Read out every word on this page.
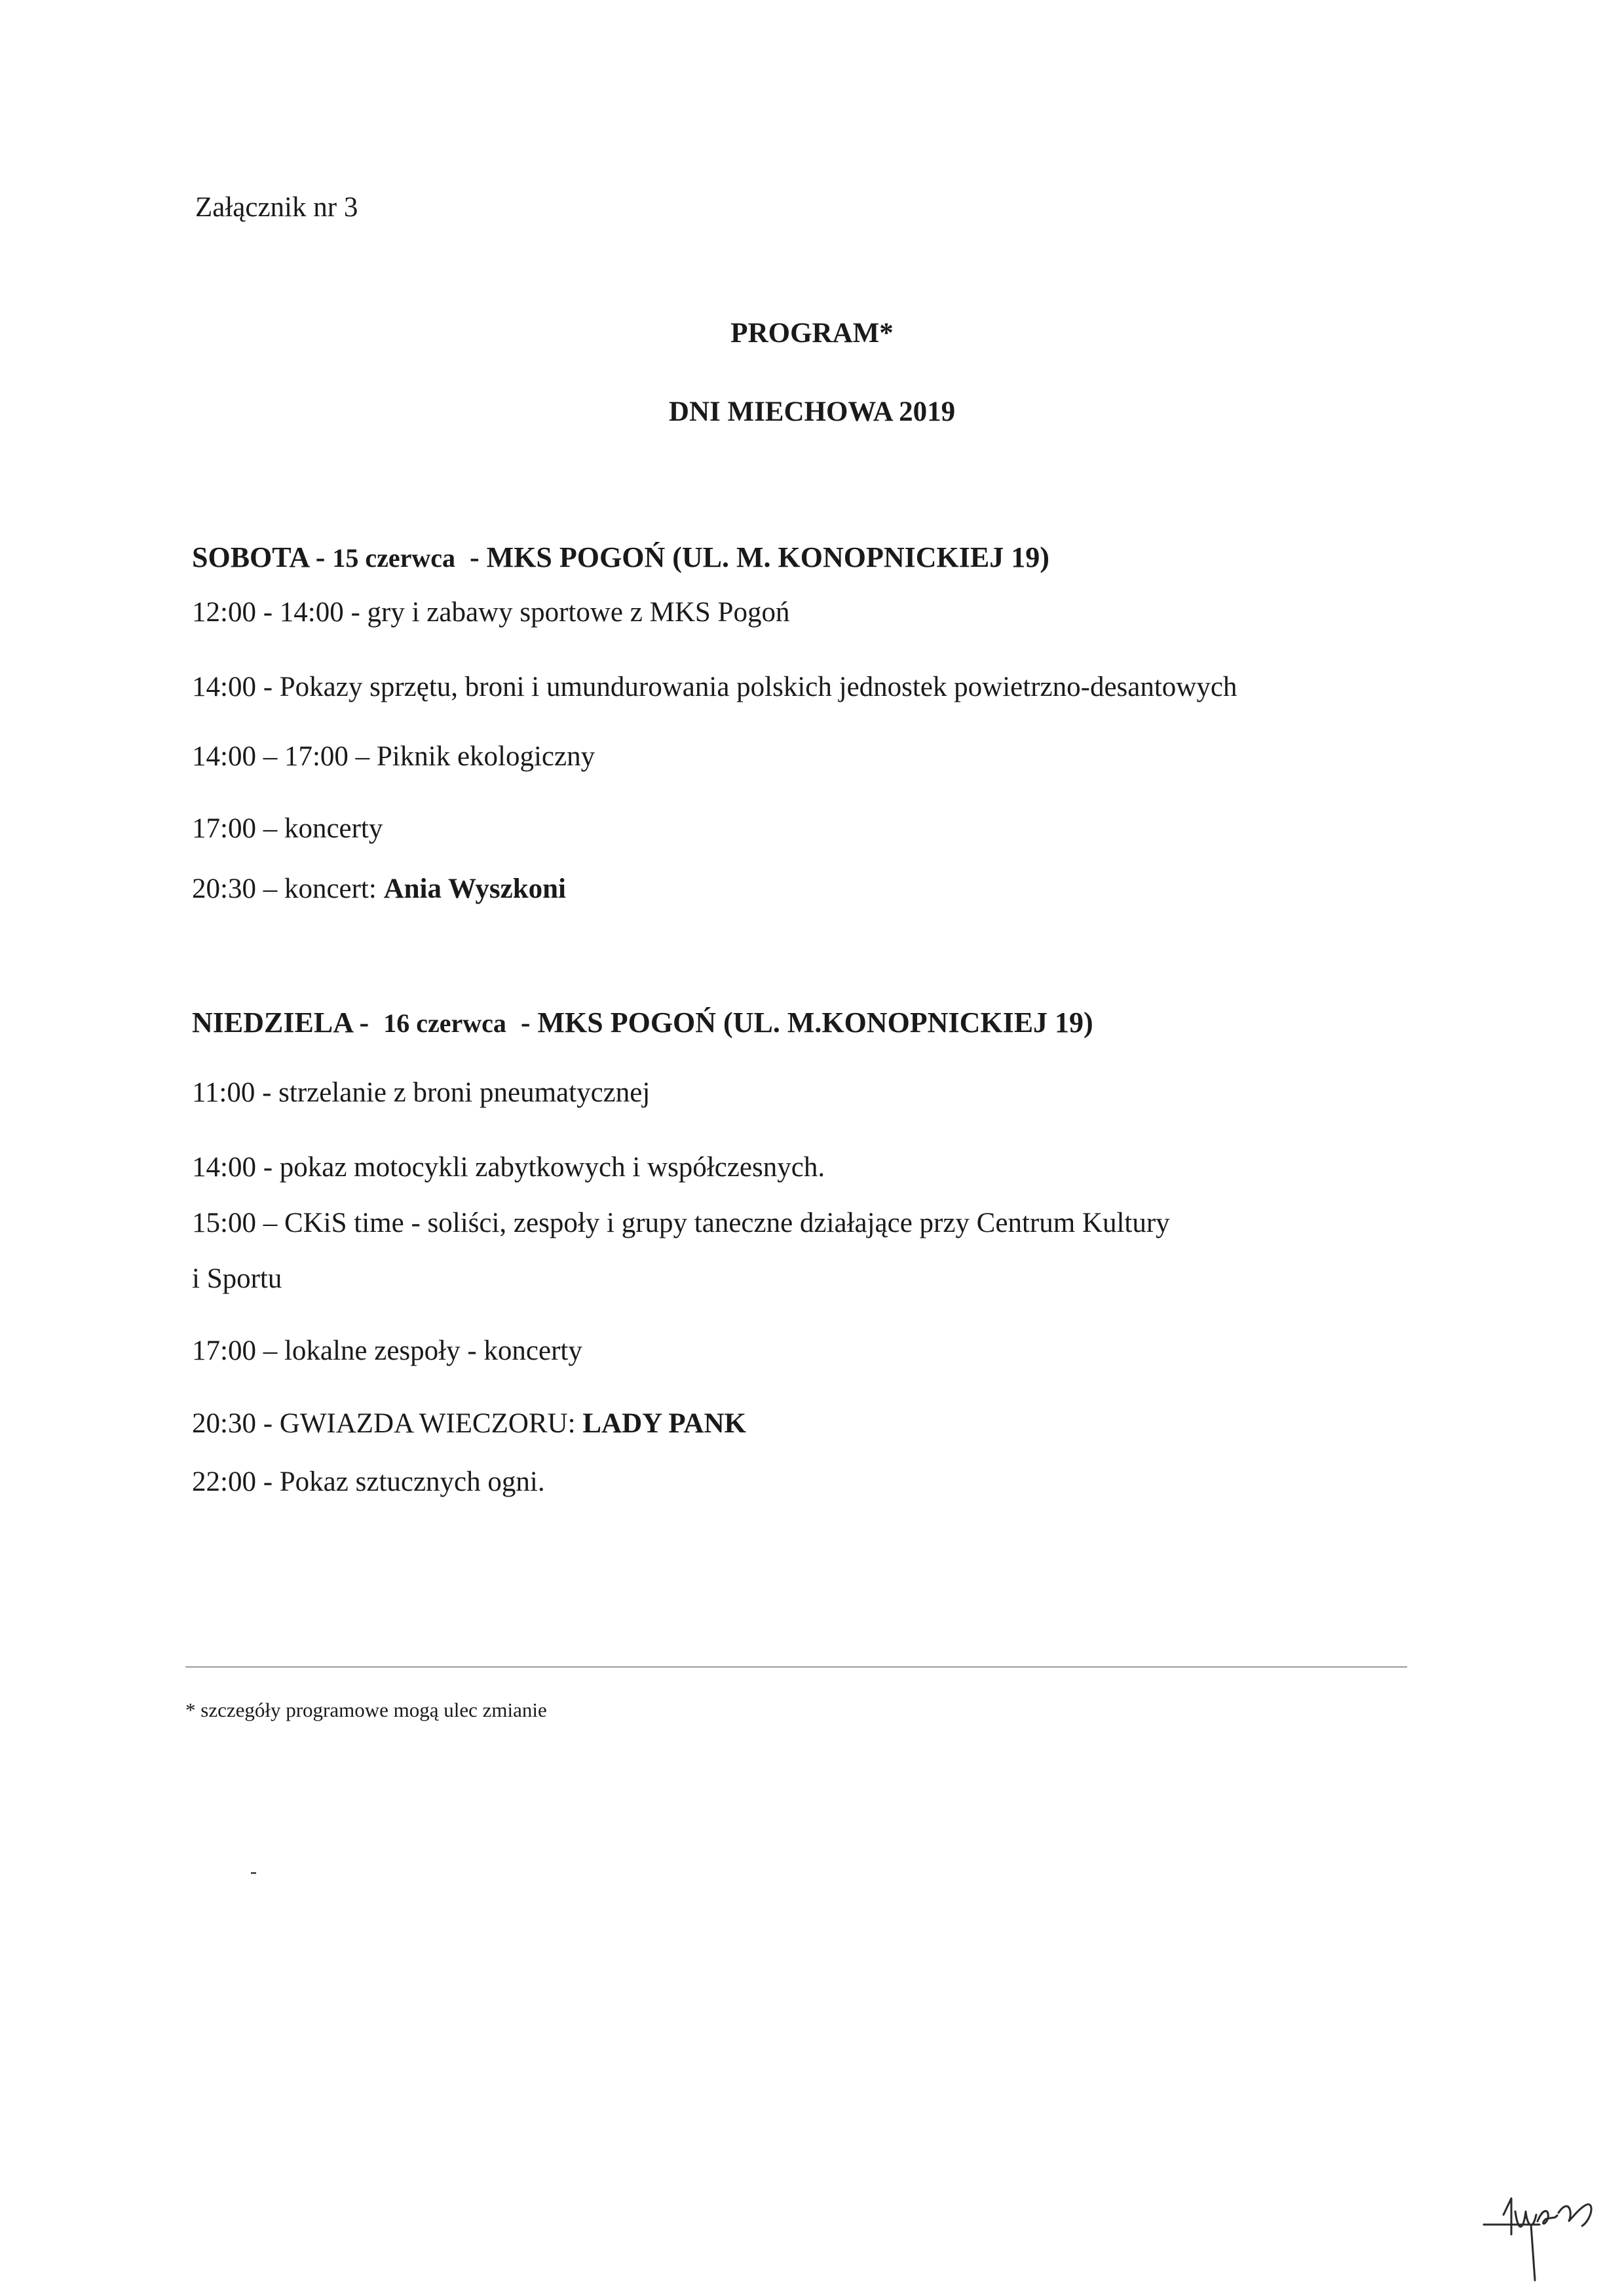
Załącznik nr 3
PROGRAM*
DNI MIECHOWA 2019
SOBOTA - 15 czerwca  - MKS POGOŃ (UL. M. KONOPNICKIEJ 19)
12:00 - 14:00 - gry i zabawy sportowe z MKS Pogoń
14:00 - Pokazy sprzętu, broni i umundurowania polskich jednostek powietrzno-desantowych
14:00 – 17:00 – Piknik ekologiczny
17:00 – koncerty
20:30 – koncert: Ania Wyszkoni
NIEDZIELA -  16 czerwca  - MKS POGOŃ (UL. M.KONOPNICKIEJ 19)
11:00 - strzelanie z broni pneumatycznej
14:00 - pokaz motocykli zabytkowych i współczesnych.
15:00 – CKiS time - soliści, zespoły i grupy taneczne działające przy Centrum Kultury
i Sportu
17:00 – lokalne zespoły - koncerty
20:30 - GWIAZDA WIECZORU: LADY PANK
22:00 - Pokaz sztucznych ogni.
* szczegóły programowe mogą ulec zmianie
